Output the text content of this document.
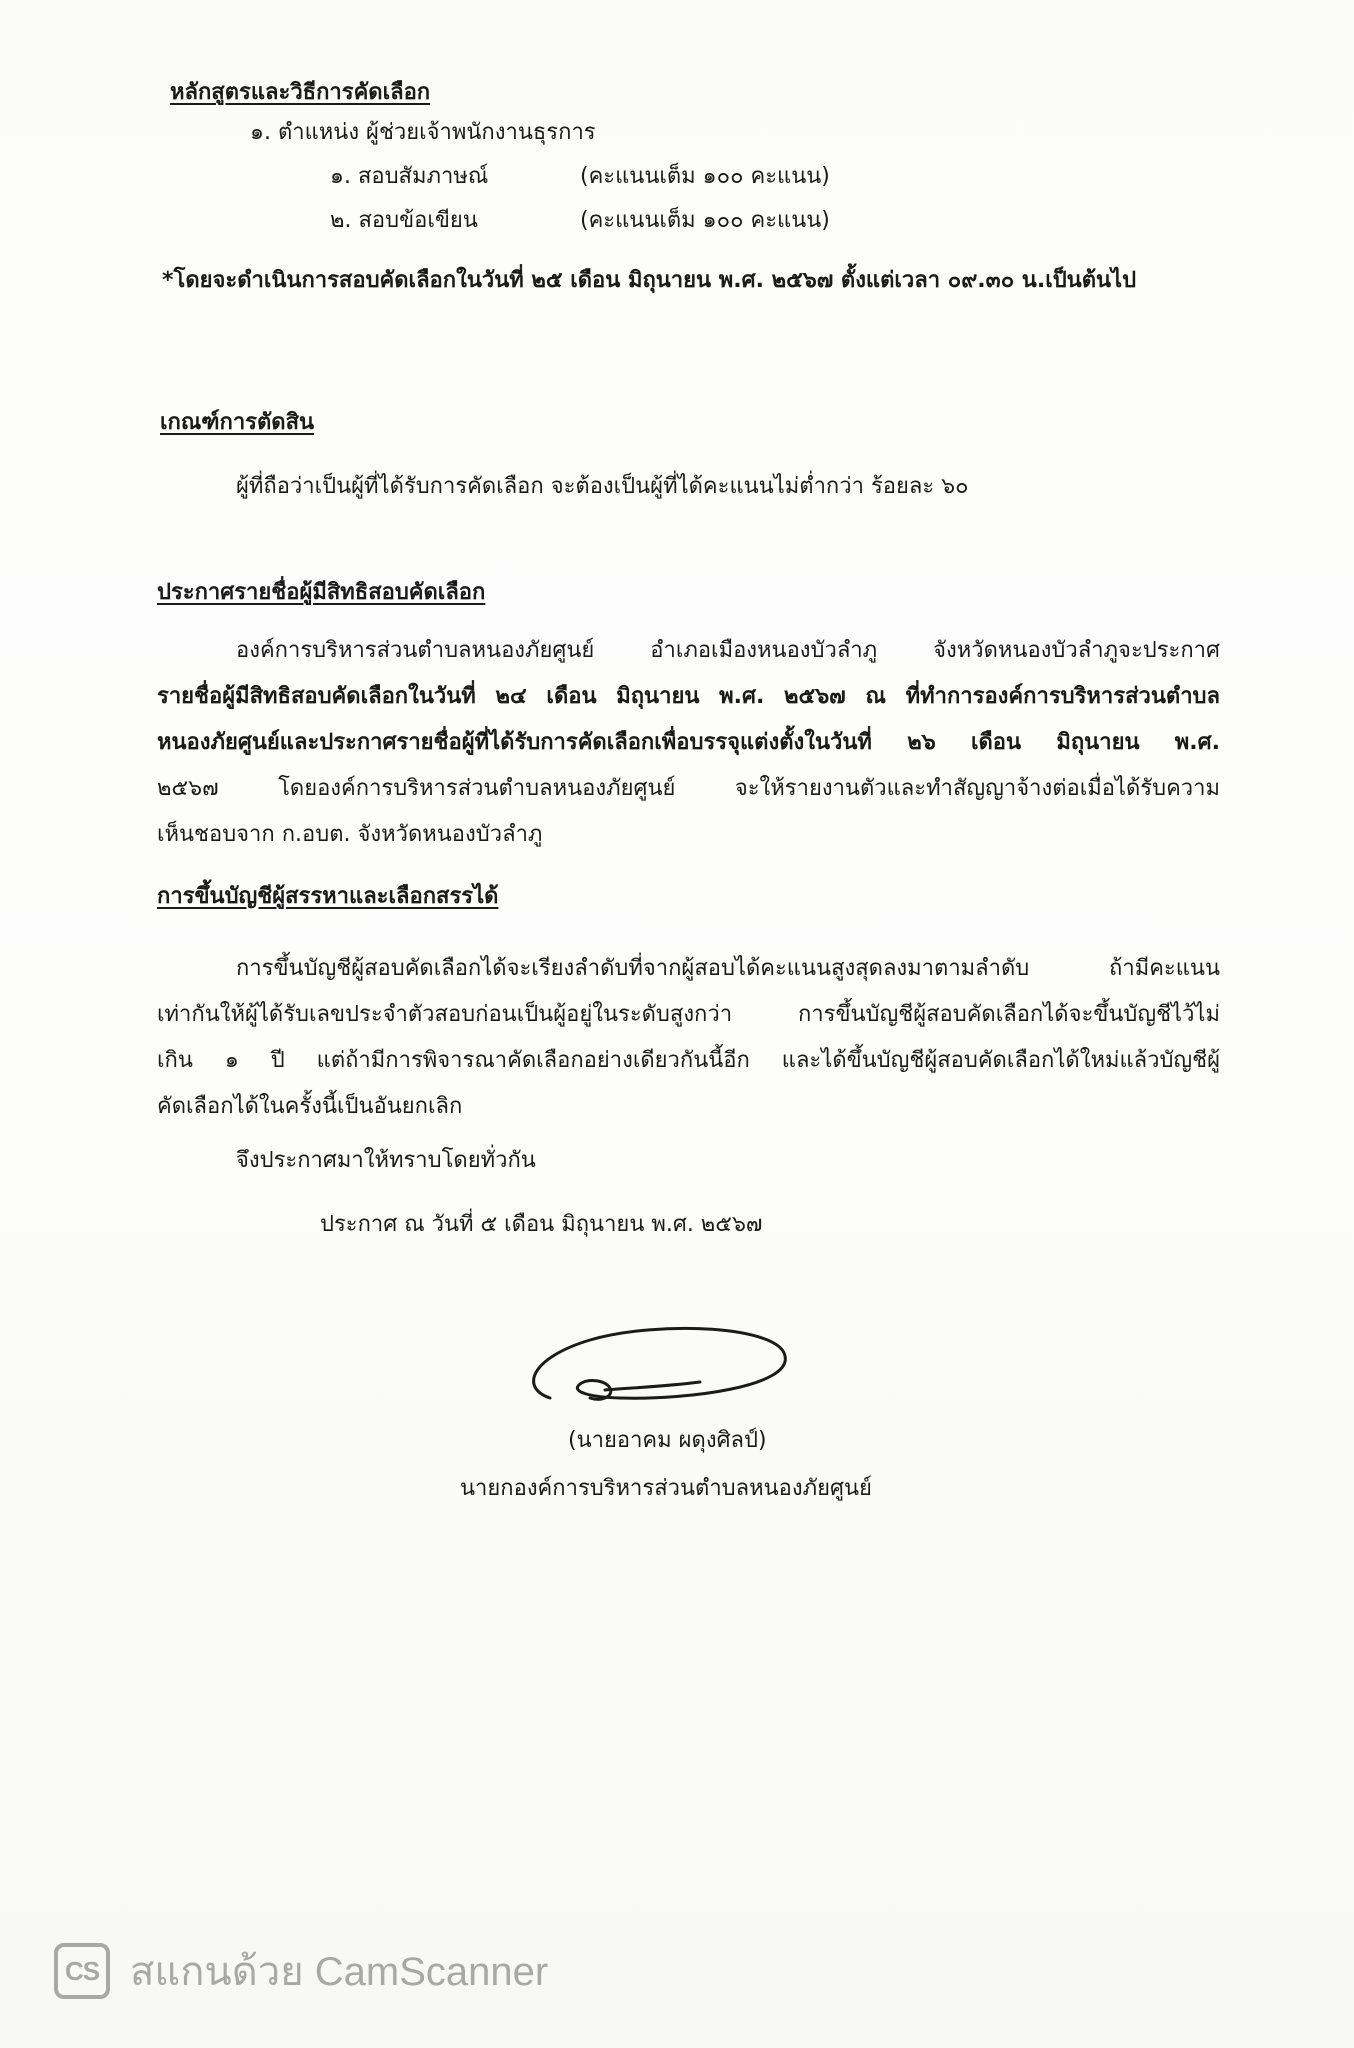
หลักสูตรและวิธีการคัดเลือก
๑. ตำแหน่ง ผู้ช่วยเจ้าพนักงานธุรการ
๑. สอบสัมภาษณ์	(คะแนนเต็ม ๑๐๐ คะแนน)
๒. สอบข้อเขียน	(คะแนนเต็ม ๑๐๐ คะแนน)
*โดยจะดำเนินการสอบคัดเลือกในวันที่ ๒๕ เดือน มิถุนายน พ.ศ. ๒๕๖๗ ตั้งแต่เวลา ๐๙.๓๐ น.เป็นต้นไป
เกณฑ์การตัดสิน
ผู้ที่ถือว่าเป็นผู้ที่ได้รับการคัดเลือก จะต้องเป็นผู้ที่ได้คะแนนไม่ต่ำกว่า ร้อยละ ๖๐
ประกาศรายชื่อผู้มีสิทธิสอบคัดเลือก
องค์การบริหารส่วนตำบลหนองภัยศูนย์ อำเภอเมืองหนองบัวลำภู จังหวัดหนองบัวลำภูจะประกาศ
รายชื่อผู้มีสิทธิสอบคัดเลือกในวันที่ ๒๔ เดือน มิถุนายน พ.ศ. ๒๕๖๗ ณ ที่ทำการองค์การบริหารส่วนตำบล
หนองภัยศูนย์และประกาศรายชื่อผู้ที่ได้รับการคัดเลือกเพื่อบรรจุแต่งตั้งในวันที่ ๒๖ เดือน มิถุนายน พ.ศ.
๒๕๖๗ โดยองค์การบริหารส่วนตำบลหนองภัยศูนย์ จะให้รายงานตัวและทำสัญญาจ้างต่อเมื่อได้รับความ
เห็นชอบจาก ก.อบต. จังหวัดหนองบัวลำภู
การขึ้นบัญชีผู้สรรหาและเลือกสรรได้
การขึ้นบัญชีผู้สอบคัดเลือกได้จะเรียงลำดับที่จากผู้สอบได้คะแนนสูงสุดลงมาตามลำดับ ถ้ามีคะแนน
เท่ากันให้ผู้ได้รับเลขประจำตัวสอบก่อนเป็นผู้อยู่ในระดับสูงกว่า การขึ้นบัญชีผู้สอบคัดเลือกได้จะขึ้นบัญชีไว้ไม่
เกิน ๑ ปี แต่ถ้ามีการพิจารณาคัดเลือกอย่างเดียวกันนี้อีก และได้ขึ้นบัญชีผู้สอบคัดเลือกได้ใหม่แล้วบัญชีผู้
คัดเลือกได้ในครั้งนี้เป็นอันยกเลิก
จึงประกาศมาให้ทราบโดยทั่วกัน
ประกาศ ณ วันที่ ๕ เดือน มิถุนายน พ.ศ. ๒๕๖๗
(นายอาคม ผดุงศิลป์)
นายกองค์การบริหารส่วนตำบลหนองภัยศูนย์
CS สแกนด้วย CamScanner
